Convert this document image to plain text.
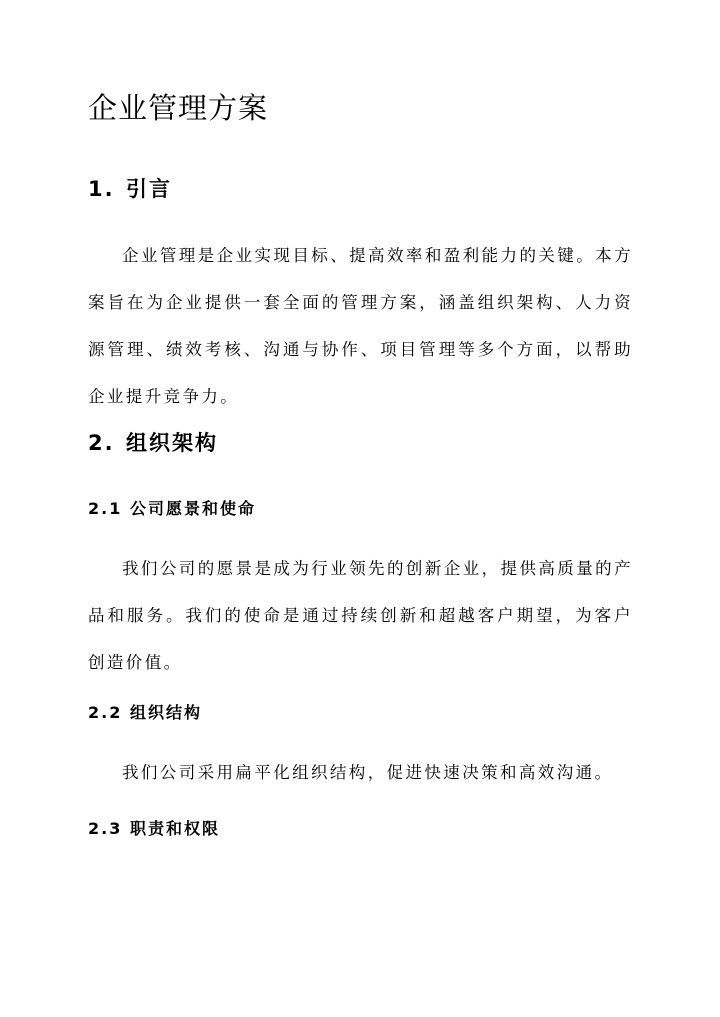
企业管理方案
1. 引言

企业管理是企业实现目标、提高效率和盈利能力的关键。本方案旨在为企业提供一套全面的管理方案，涵盖组织架构、人力资源管理、绩效考核、沟通与协作、项目管理等多个方面，以帮助企业提升竞争力。

2. 组织架构
2.1 公司愿景和使命

我们公司的愿景是成为行业领先的创新企业，提供高质量的产品和服务。我们的使命是通过持续创新和超越客户期望，为客户创造价值。

2.2 组织结构

我们公司采用扁平化组织结构，促进快速决策和高效沟通。

2.3 职责和权限
